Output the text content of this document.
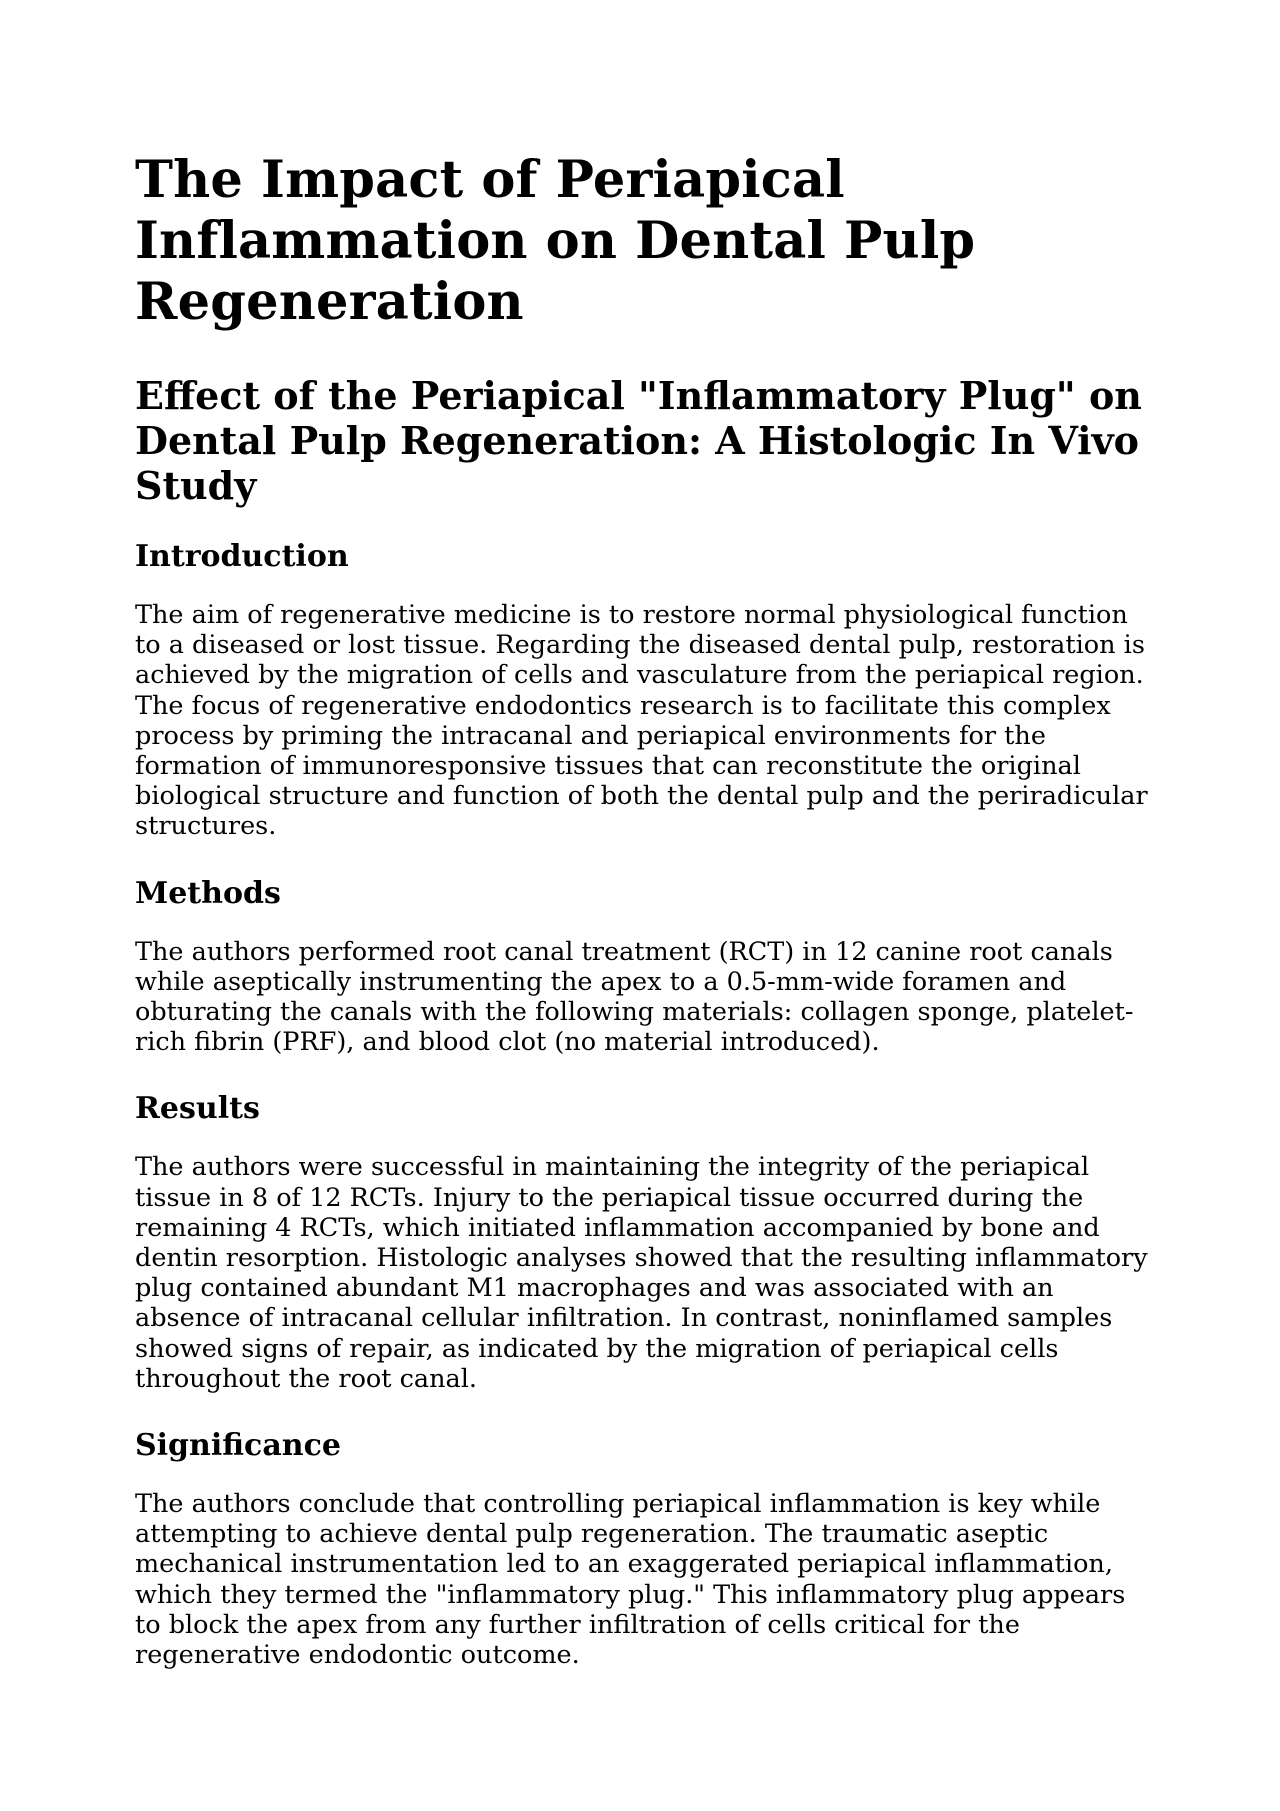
The Impact of Periapical Inflammation on Dental Pulp Regeneration
Effect of the Periapical "Inflammatory Plug" on Dental Pulp Regeneration: A Histologic In Vivo Study
Introduction

The aim of regenerative medicine is to restore normal physiological function to a diseased or lost tissue. Regarding the diseased dental pulp, restoration is achieved by the migration of cells and vasculature from the periapical region. The focus of regenerative endodontics research is to facilitate this complex process by priming the intracanal and periapical environments for the formation of immunoresponsive tissues that can reconstitute the original biological structure and function of both the dental pulp and the periradicular structures.

Methods

The authors performed root canal treatment (RCT) in 12 canine root canals while aseptically instrumenting the apex to a 0.5-mm-wide foramen and obturating the canals with the following materials: collagen sponge, platelet-rich fibrin (PRF), and blood clot (no material introduced).

Results

The authors were successful in maintaining the integrity of the periapical tissue in 8 of 12 RCTs. Injury to the periapical tissue occurred during the remaining 4 RCTs, which initiated inflammation accompanied by bone and dentin resorption. Histologic analyses showed that the resulting inflammatory plug contained abundant M1 macrophages and was associated with an absence of intracanal cellular infiltration. In contrast, noninflamed samples showed signs of repair, as indicated by the migration of periapical cells throughout the root canal.

Significance

The authors conclude that controlling periapical inflammation is key while attempting to achieve dental pulp regeneration. The traumatic aseptic mechanical instrumentation led to an exaggerated periapical inflammation, which they termed the "inflammatory plug." This inflammatory plug appears to block the apex from any further infiltration of cells critical for the regenerative endodontic outcome.
